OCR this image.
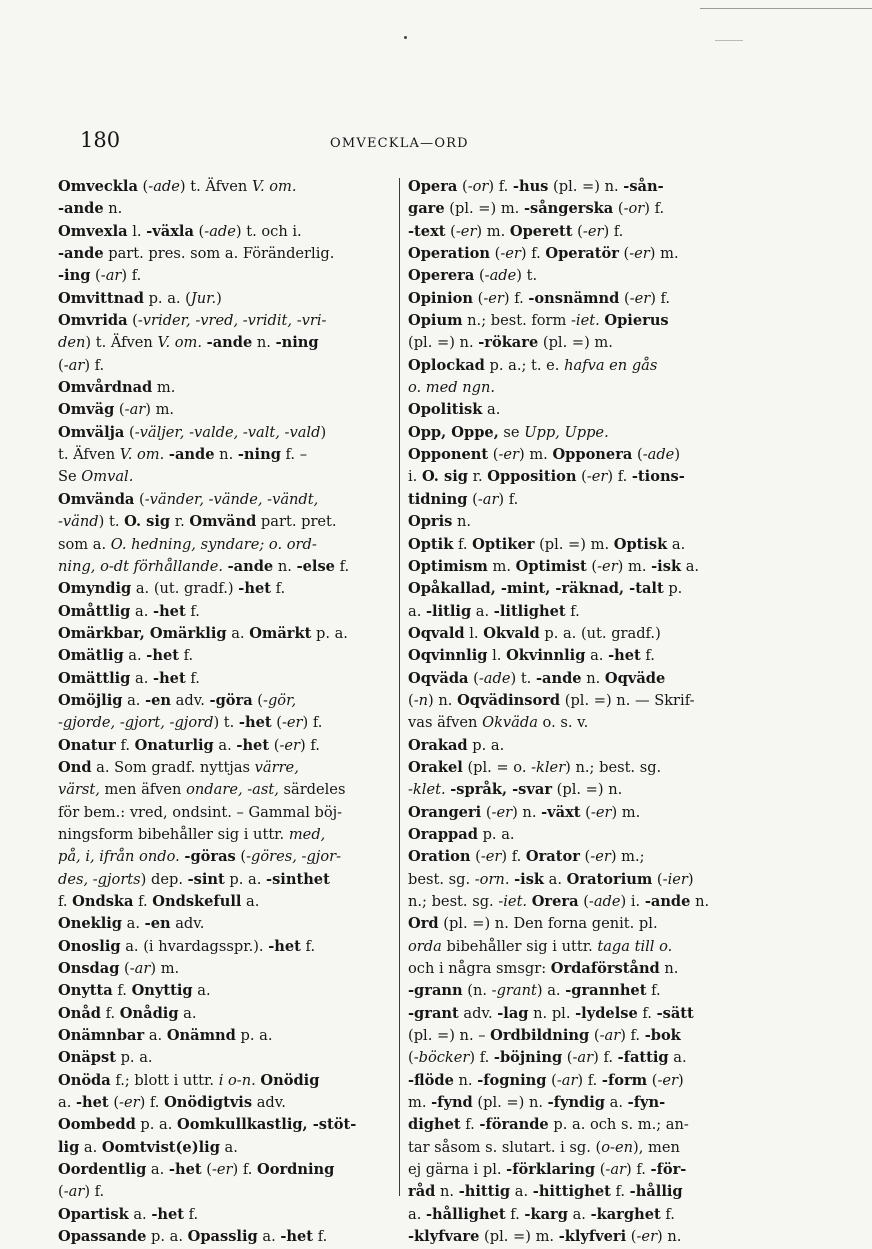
180	OMVECKLA—ORD
Omveckla (-ade) t. Äfven V. om.
-ande n.
Omvexla l. -växla (-ade) t. och i.
-ande part. pres. som a. Föränderlig.
-ing (-ar) f.
Omvittnad p. a. (Jur.)
Omvrida (-vrider, -vred, -vridit, -vri-
den) t. Äfven V. om. -ande n. -ning
(-ar) f.
Omvårdnad m.
Omväg (-ar) m.
Omvälja (-väljer, -valde, -valt, -vald)
t. Äfven V. om. -ande n. -ning f. –
Se Omval.
Omvända (-vänder, -vände, -vändt,
-vänd) t. O. sig r. Omvänd part. pret.
som a. O. hedning, syndare; o. ord-
ning, o-dt förhållande. -ande n. -else f.
Omyndig a. (ut. gradf.) -het f.
Omåttlig a. -het f.
Omärkbar, Omärklig a. Omärkt p. a.
Omätlig a. -het f.
Omättlig a. -het f.
Omöjlig a. -en adv. -göra (-gör,
-gjorde, -gjort, -gjord) t. -het (-er) f.
Onatur f. Onaturlig a. -het (-er) f.
Ond a. Som gradf. nyttjas värre,
värst, men äfven ondare, -ast, särdeles
för bem.: vred, ondsint. – Gammal böj-
ningsform bibehåller sig i uttr. med,
på, i, ifrån ondo. -göras (-göres, -gjor-
des, -gjorts) dep. -sint p. a. -sinthet
f. Ondska f. Ondskefull a.
Oneklig a. -en adv.
Onoslig a. (i hvardagsspr.). -het f.
Onsdag (-ar) m.
Onytta f. Onyttig a.
Onåd f. Onådig a.
Onämnbar a. Onämnd p. a.
Onäpst p. a.
Onöda f.; blott i uttr. i o-n. Onödig
a. -het (-er) f. Onödigtvis adv.
Oombedd p. a. Oomkullkastlig, -stöt-
lig a. Oomtvist(e)lig a.
Oordentlig a. -het (-er) f. Oordning
(-ar) f.
Opartisk a. -het f.
Opassande p. a. Opasslig a. -het f.
Opera (-or) f. -hus (pl. =) n. -sån-
gare (pl. =) m. -sångerska (-or) f.
-text (-er) m. Operett (-er) f.
Operation (-er) f. Operatör (-er) m.
Operera (-ade) t.
Opinion (-er) f. -onsnämnd (-er) f.
Opium n.; best. form -iet. Opierus
(pl. =) n. -rökare (pl. =) m.
Oplockad p. a.; t. e. hafva en gås
o. med ngn.
Opolitisk a.
Opp, Oppe, se Upp, Uppe.
Opponent (-er) m. Opponera (-ade)
i. O. sig r. Opposition (-er) f. -tions-
tidning (-ar) f.
Opris n.
Optik f. Optiker (pl. =) m. Optisk a.
Optimism m. Optimist (-er) m. -isk a.
Opåkallad, -mint, -räknad, -talt p.
a. -litlig a. -litlighet f.
Oqvald l. Okvald p. a. (ut. gradf.)
Oqvinnlig l. Okvinnlig a. -het f.
Oqväda (-ade) t. -ande n. Oqväde
(-n) n. Oqvädinsord (pl. =) n. — Skrif-
vas äfven Okväda o. s. v.
Orakad p. a.
Orakel (pl. = o. -kler) n.; best. sg.
-klet. -språk, -svar (pl. =) n.
Orangeri (-er) n. -växt (-er) m.
Orappad p. a.
Oration (-er) f. Orator (-er) m.;
best. sg. -orn. -isk a. Oratorium (-ier)
n.; best. sg. -iet. Orera (-ade) i. -ande n.
Ord (pl. =) n. Den forna genit. pl.
orda bibehåller sig i uttr. taga till o.
och i några smsgr: Ordaförstånd n.
-grann (n. -grant) a. -grannhet f.
-grant adv. -lag n. pl. -lydelse f. -sätt
(pl. =) n. – Ordbildning (-ar) f. -bok
(-böcker) f. -böjning (-ar) f. -fattig a.
-flöde n. -fogning (-ar) f. -form (-er)
m. -fynd (pl. =) n. -fyndig a. -fyn-
dighet f. -förande p. a. och s. m.; an-
tar såsom s. slutart. i sg. (o-en), men
ej gärna i pl. -förklaring (-ar) f. -för-
råd n. -hittig a. -hittighet f. -hållig
a. -hållighet f. -karg a. -karghet f.
-klyfvare (pl. =) m. -klyfveri (-er) n.
